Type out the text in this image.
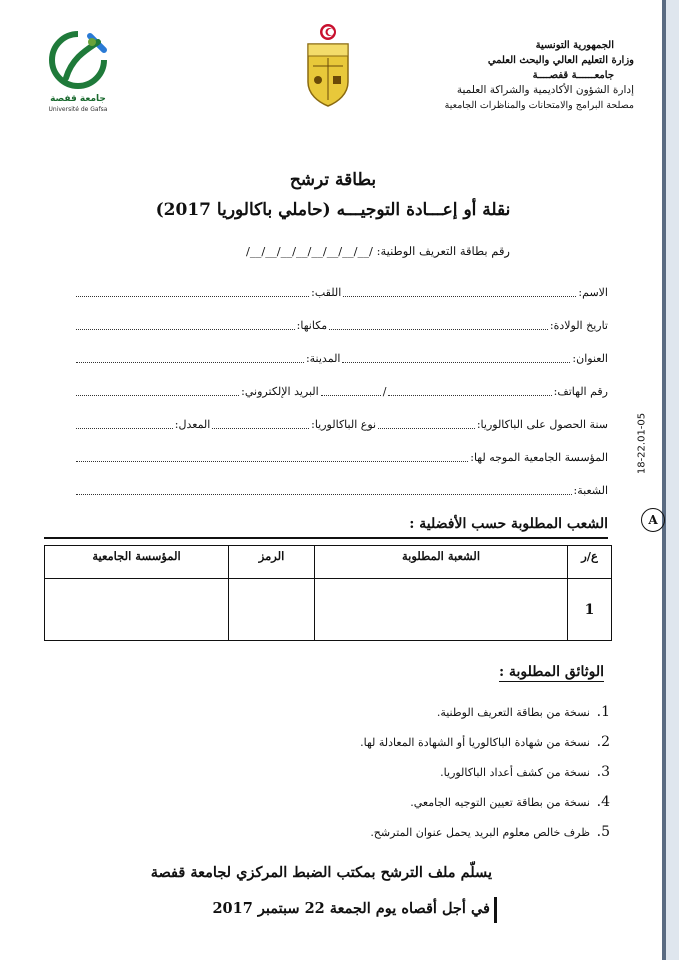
جامعة قفصة
Université de Gafsa
الجمهورية التونسية
وزارة التعليم العالي والبحث العلمي
جامعــــــة قفصــــة
إدارة الشؤون الأكاديمية والشراكة العلمية
مصلحة البرامج والامتحانات والمناظرات الجامعية
بطاقة ترشح
نقلة أو إعـــادة التوجيـــه (حاملي باكالوريا 2017)
رقم بطاقة التعريف الوطنية: /__/__/__/__/__/__/__/__/
الاسم
:
اللقب
:
تاريخ الولادة
:
مكانها
:
العنوان
:
المدينة
:
رقم الهاتف
:
/
البريد الإلكتروني
:
سنة الحصول على الباكالوريا
:
نوع الباكالوريا
:
المعدل
:
المؤسسة الجامعية الموجه لها
:
الشعبة
:
18-22.01-05
A
الشعب المطلوبة حسب الأفضلية :
ع/ر	الشعبة المطلوبة	الرمز	المؤسسة الجامعية
1			
الوثائق المطلوبة :
1.
نسخة من بطاقة التعريف الوطنية.
2.
نسخة من شهادة الباكالوريا أو الشهادة المعادلة لها.
3.
نسخة من كشف أعداد الباكالوريا.
4.
نسخة من بطاقة تعيين التوجيه الجامعي.
5.
ظرف خالص معلوم البريد يحمل عنوان المترشح.
يسلّم ملف الترشح بمكتب الضبط المركزي لجامعة قفصة
في أجل أقصاه يوم الجمعة 22 سبتمبر 2017
